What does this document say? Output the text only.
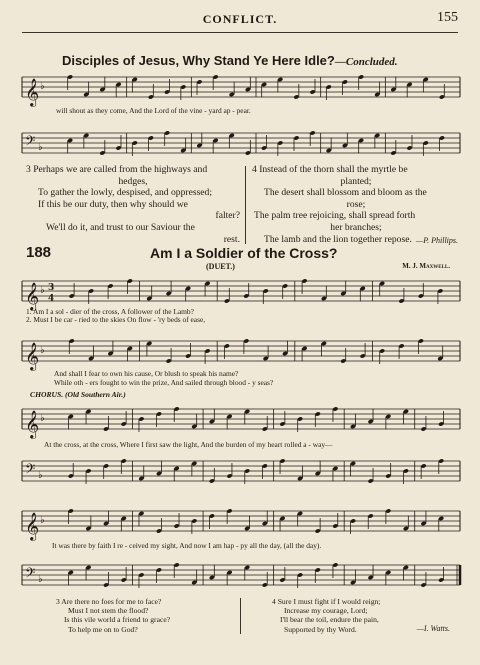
CONFLICT.	155
Disciples of Jesus, Why Stand Ye Here Idle?—Concluded.
𝄞 ♭
will shout as they come, And the Lord of the vine - yard ap - pear.
𝄢 ♭
3 Perhaps we are called from the highways and
hedges,
To gather the lowly, despised, and oppressed;
If this be our duty, then why should we
falter?
We'll do it, and trust to our Saviour the
rest.
4 Instead of the thorn shall the myrtle be
planted;
The desert shall blossom and bloom as the
rose;
The palm tree rejoicing, shall spread forth
her branches;
The lamb and the lion together repose. —P. Phillips.
188	Am I a Soldier of the Cross?
(DUET.)	M. J. Maxwell.
𝄞 ♭ 3
4
1. Am I a sol - dier of the cross, A follower of the Lamb?
2. Must I be car - ried to the skies On flow - 'ry beds of ease,
𝄞 ♭
And shall I fear to own his cause, Or blush to speak his name?
While oth - ers fought to win the prize, And sailed through blood - y seas?
CHORUS. (Old Southern Air.)
𝄞 ♭
At the cross, at the cross, Where I first saw the light, And the burden of my heart rolled a - way—
𝄢 ♭
𝄞 ♭
It was there by faith I re - ceived my sight, And now I am hap - py all the day, (all the day).
𝄢 ♭
3 Are there no foes for me to face?
Must I not stem the flood?
Is this vile world a friend to grace?
To help me on to God?
4 Sure I must fight if I would reign;
Increase my courage, Lord;
I'll bear the toil, endure the pain,
Supported by thy Word.	—I. Watts.
